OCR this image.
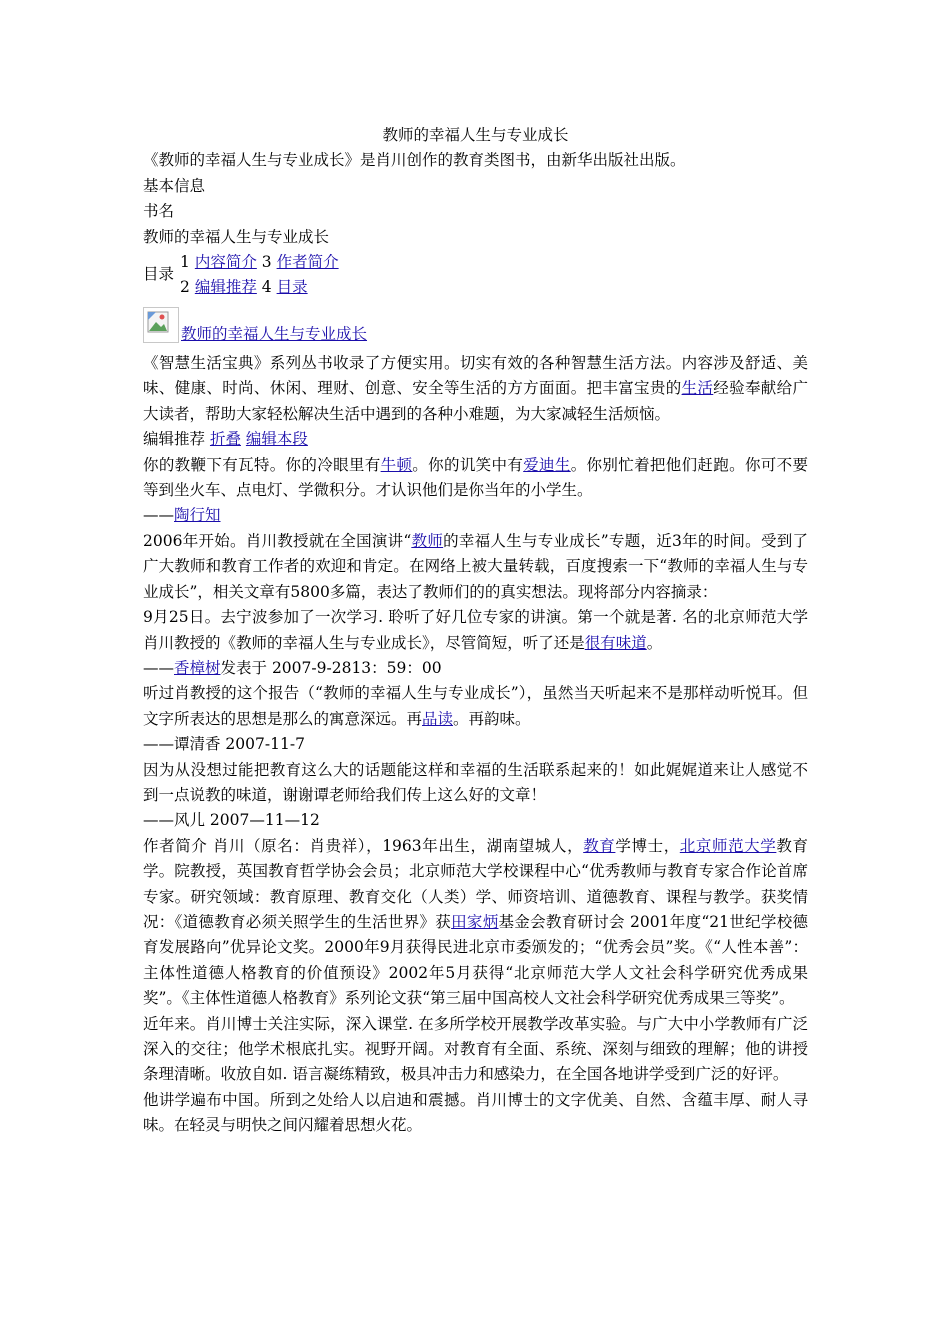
教师的幸福人生与专业成长
《教师的幸福人生与专业成长》是肖川创作的教育类图书，由新华出版社出版。
基本信息
书名
教师的幸福人生与专业成长
目录
1 内容简介 3 作者简介
2 编辑推荐 4 目录
教师的幸福人生与专业成长
《智慧生活宝典》系列丛书收录了方便实用。切实有效的各种智慧生活方法。内容涉及舒适、美味、健康、时尚、休闲、理财、创意、安全等生活的方方面面。把丰富宝贵的生活经验奉献给广大读者，帮助大家轻松解决生活中遇到的各种小难题，为大家减轻生活烦恼。
编辑推荐 折叠 编辑本段
你的教鞭下有瓦特。你的冷眼里有牛顿。你的讥笑中有爱迪生。你别忙着把他们赶跑。你可不要等到坐火车、点电灯、学微积分。才认识他们是你当年的小学生。
——陶行知
2006年开始。肖川教授就在全国演讲“教师的幸福人生与专业成长”专题，近3年的时间。受到了广大教师和教育工作者的欢迎和肯定。在网络上被大量转载，百度搜索一下“教师的幸福人生与专业成长”，相关文章有5800多篇，表达了教师们的的真实想法。现将部分内容摘录：
9月25日。去宁波参加了一次学习. 聆听了好几位专家的讲演。第一个就是著. 名的北京师范大学肖川教授的《教师的幸福人生与专业成长》，尽管简短，听了还是很有味道。
——香樟树发表于 2007-9-2813：59：00
听过肖教授的这个报告（“教师的幸福人生与专业成长”），虽然当天听起来不是那样动听悦耳。但文字所表达的思想是那么的寓意深远。再品读。再韵味。
——谭清香 2007-11-7
因为从没想过能把教育这么大的话题能这样和幸福的生活联系起来的！如此娓娓道来让人感觉不到一点说教的味道，谢谢谭老师给我们传上这么好的文章！
——风儿 2007—11—12
作者简介 肖川（原名：肖贵祥），1963年出生，湖南望城人，教育学博士，北京师范大学教育学。院教授，英国教育哲学协会会员；北京师范大学校课程中心“优秀教师与教育专家合作论首席专家。研究领域：教育原理、教育交化（人类）学、师资培训、道德教育、课程与教学。获奖情况：《道德教育必须关照学生的生活世界》获田家炳基金会教育研讨会 2001年度“21世纪学校德育发展路向”优异论文奖。2000年9月获得民进北京市委颁发的；“优秀会员”奖。《“人性本善”：主体性道德人格教育的价值预设》2002年5月获得“北京师范大学人文社会科学研究优秀成果奖”。《主体性道德人格教育》系列论文获“第三届中国高校人文社会科学研究优秀成果三等奖”。
近年来。肖川博士关注实际，深入课堂. 在多所学校开展教学改革实验。与广大中小学教师有广泛深入的交往；他学术根底扎实。视野开阔。对教育有全面、系统、深刻与细致的理解；他的讲授条理清晰。收放自如. 语言凝练精致，极具冲击力和感染力，在全国各地讲学受到广泛的好评。
他讲学遍布中国。所到之处给人以启迪和震撼。肖川博士的文字优美、自然、含蕴丰厚、耐人寻味。在轻灵与明快之间闪耀着思想火花。
